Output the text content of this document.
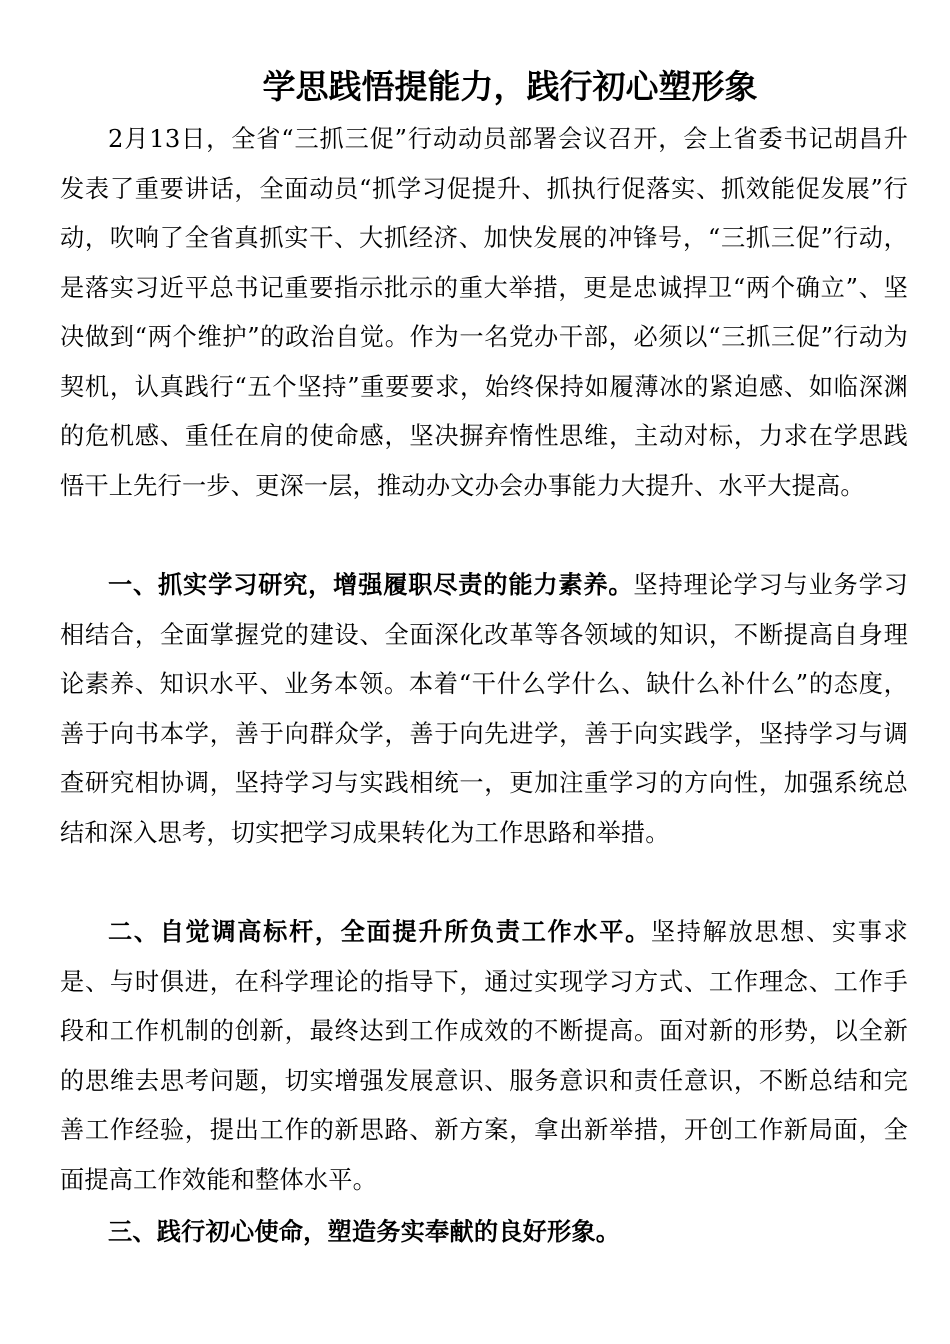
学思践悟提能力，践行初心塑形象

2月13日，全省“三抓三促”行动动员部署会议召开，会上省委书记胡昌升发表了重要讲话，全面动员“抓学习促提升、抓执行促落实、抓效能促发展”行动，吹响了全省真抓实干、大抓经济、加快发展的冲锋号，“三抓三促”行动，是落实习近平总书记重要指示批示的重大举措，更是忠诚捍卫“两个确立”、坚决做到“两个维护”的政治自觉。作为一名党办干部，必须以“三抓三促”行动为契机，认真践行“五个坚持”重要要求，始终保持如履薄冰的紧迫感、如临深渊的危机感、重任在肩的使命感，坚决摒弃惰性思维，主动对标，力求在学思践悟干上先行一步、更深一层，推动办文办会办事能力大提升、水平大提高。

一、抓实学习研究，增强履职尽责的能力素养。坚持理论学习与业务学习相结合，全面掌握党的建设、全面深化改革等各领域的知识，不断提高自身理论素养、知识水平、业务本领。本着“干什么学什么、缺什么补什么”的态度，善于向书本学，善于向群众学，善于向先进学，善于向实践学，坚持学习与调查研究相协调，坚持学习与实践相统一，更加注重学习的方向性，加强系统总结和深入思考，切实把学习成果转化为工作思路和举措。

二、自觉调高标杆，全面提升所负责工作水平。坚持解放思想、实事求是、与时俱进，在科学理论的指导下，通过实现学习方式、工作理念、工作手段和工作机制的创新，最终达到工作成效的不断提高。面对新的形势，以全新的思维去思考问题，切实增强发展意识、服务意识和责任意识，不断总结和完善工作经验，提出工作的新思路、新方案，拿出新举措，开创工作新局面，全面提高工作效能和整体水平。

三、践行初心使命，塑造务实奉献的良好形象。
